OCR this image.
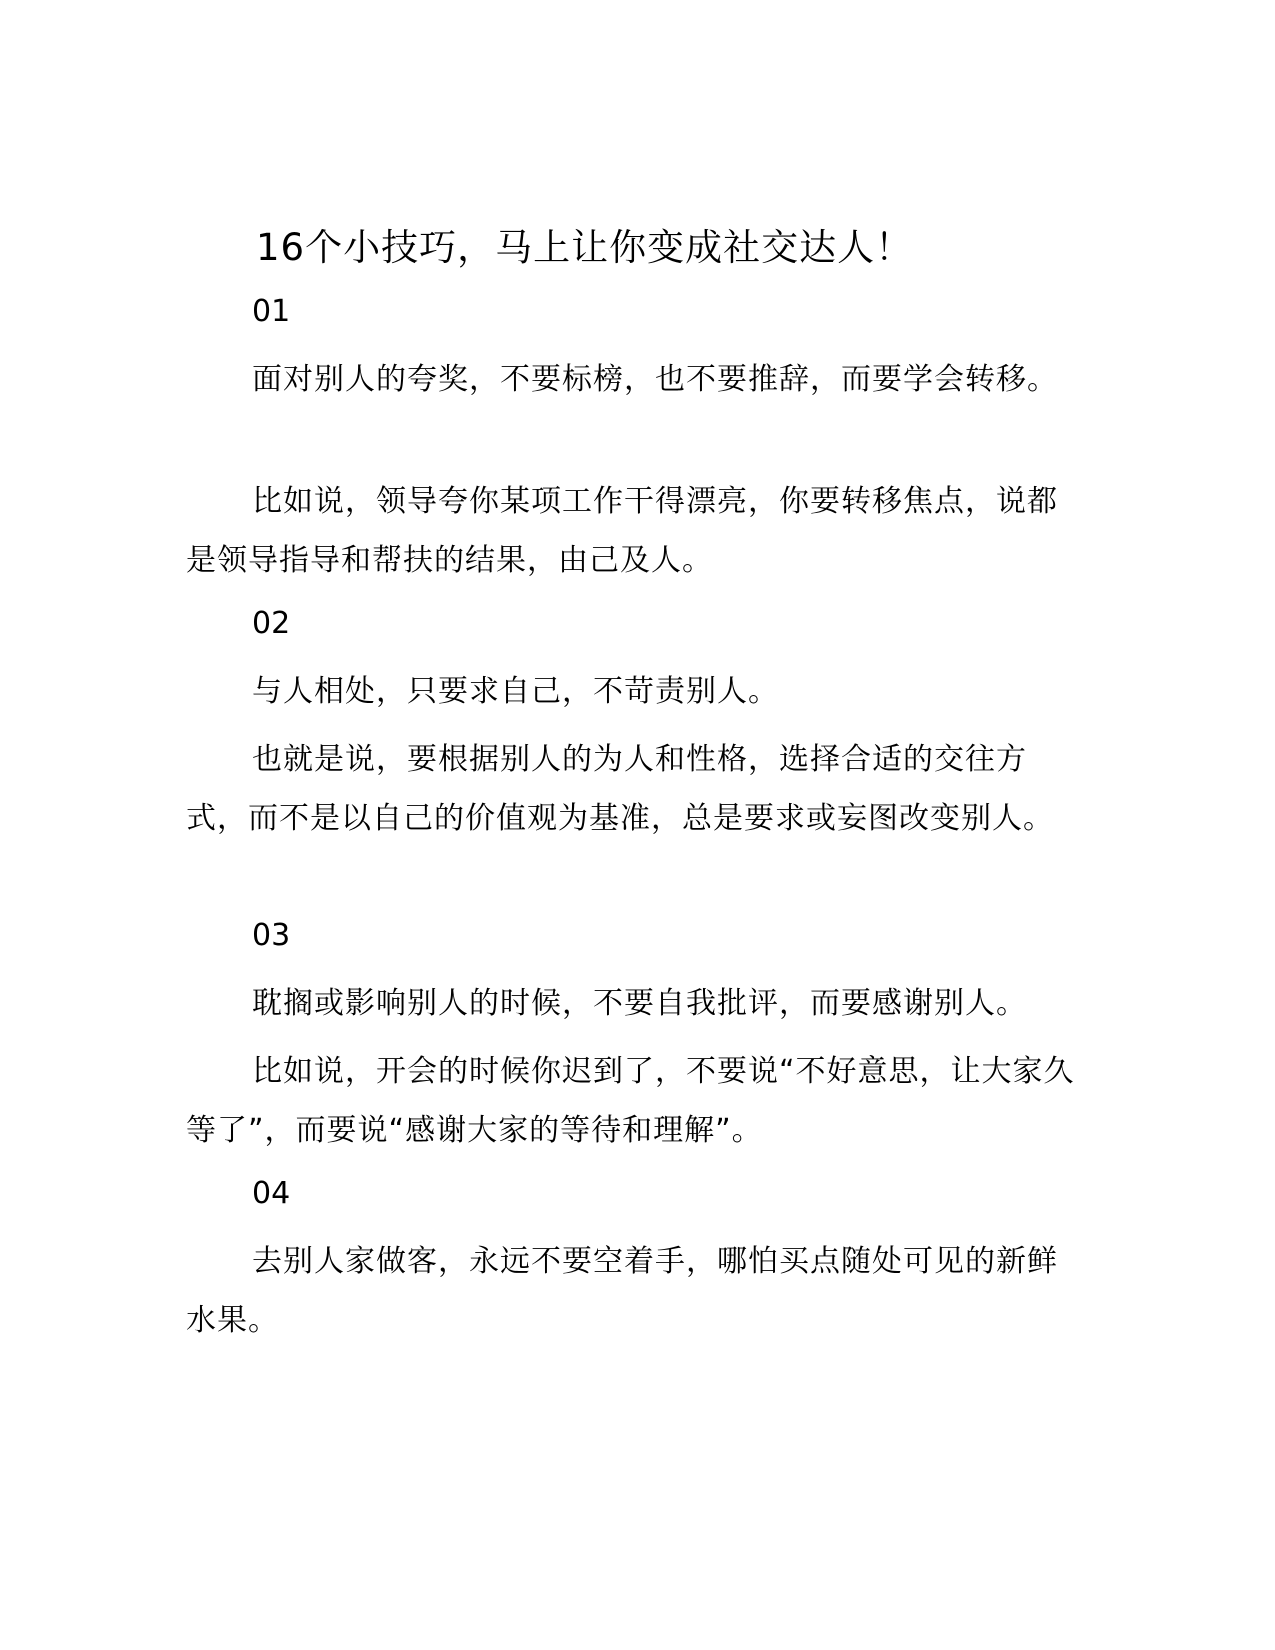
16个小技巧，马上让你变成社交达人！
01

面对别人的夸奖，不要标榜，也不要推辞，而要学会转移。

比如说，领导夸你某项工作干得漂亮，你要转移焦点，说都是领导指导和帮扶的结果，由己及人。

02

与人相处，只要求自己，不苛责别人。

也就是说，要根据别人的为人和性格，选择合适的交往方式，而不是以自己的价值观为基准，总是要求或妄图改变别人。

03

耽搁或影响别人的时候，不要自我批评，而要感谢别人。

比如说，开会的时候你迟到了，不要说“不好意思，让大家久等了”，而要说“感谢大家的等待和理解”。

04

去别人家做客，永远不要空着手，哪怕买点随处可见的新鲜水果。
